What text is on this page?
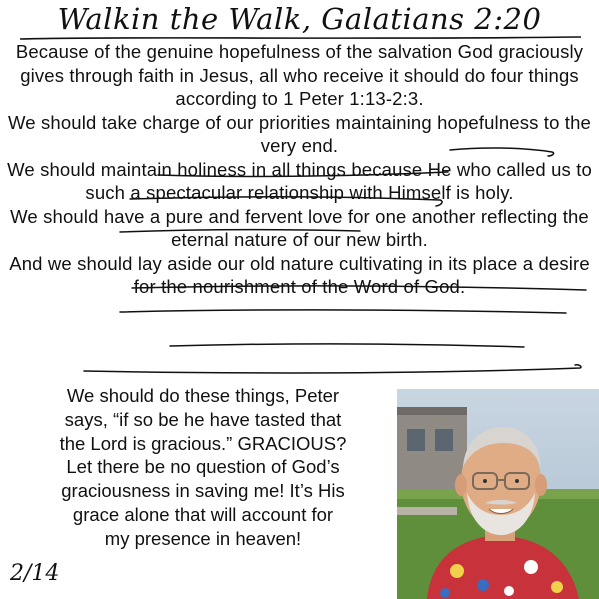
Walkin the Walk, Galatians 2:20

Because of the genuine hopefulness of the salvation God graciously gives through faith in Jesus, all who receive it should do four things according to 1 Peter 1:13-2:3.

We should take charge of our priorities maintaining hopefulness to the very end.

We should maintain holiness in all things because He who called us to such a spectacular relationship with Himself is holy.

We should have a pure and fervent love for one another reflecting the eternal nature of our new birth.

And we should lay aside our old nature cultivating in its place a desire for the nourishment of the Word of God.

We should do these things, Peter

says, “if so be he have tasted that

the Lord is gracious.” GRACIOUS?

Let there be no question of God’s

graciousness in saving me! It’s His

grace alone that will account for

my presence in heaven!

2/14
